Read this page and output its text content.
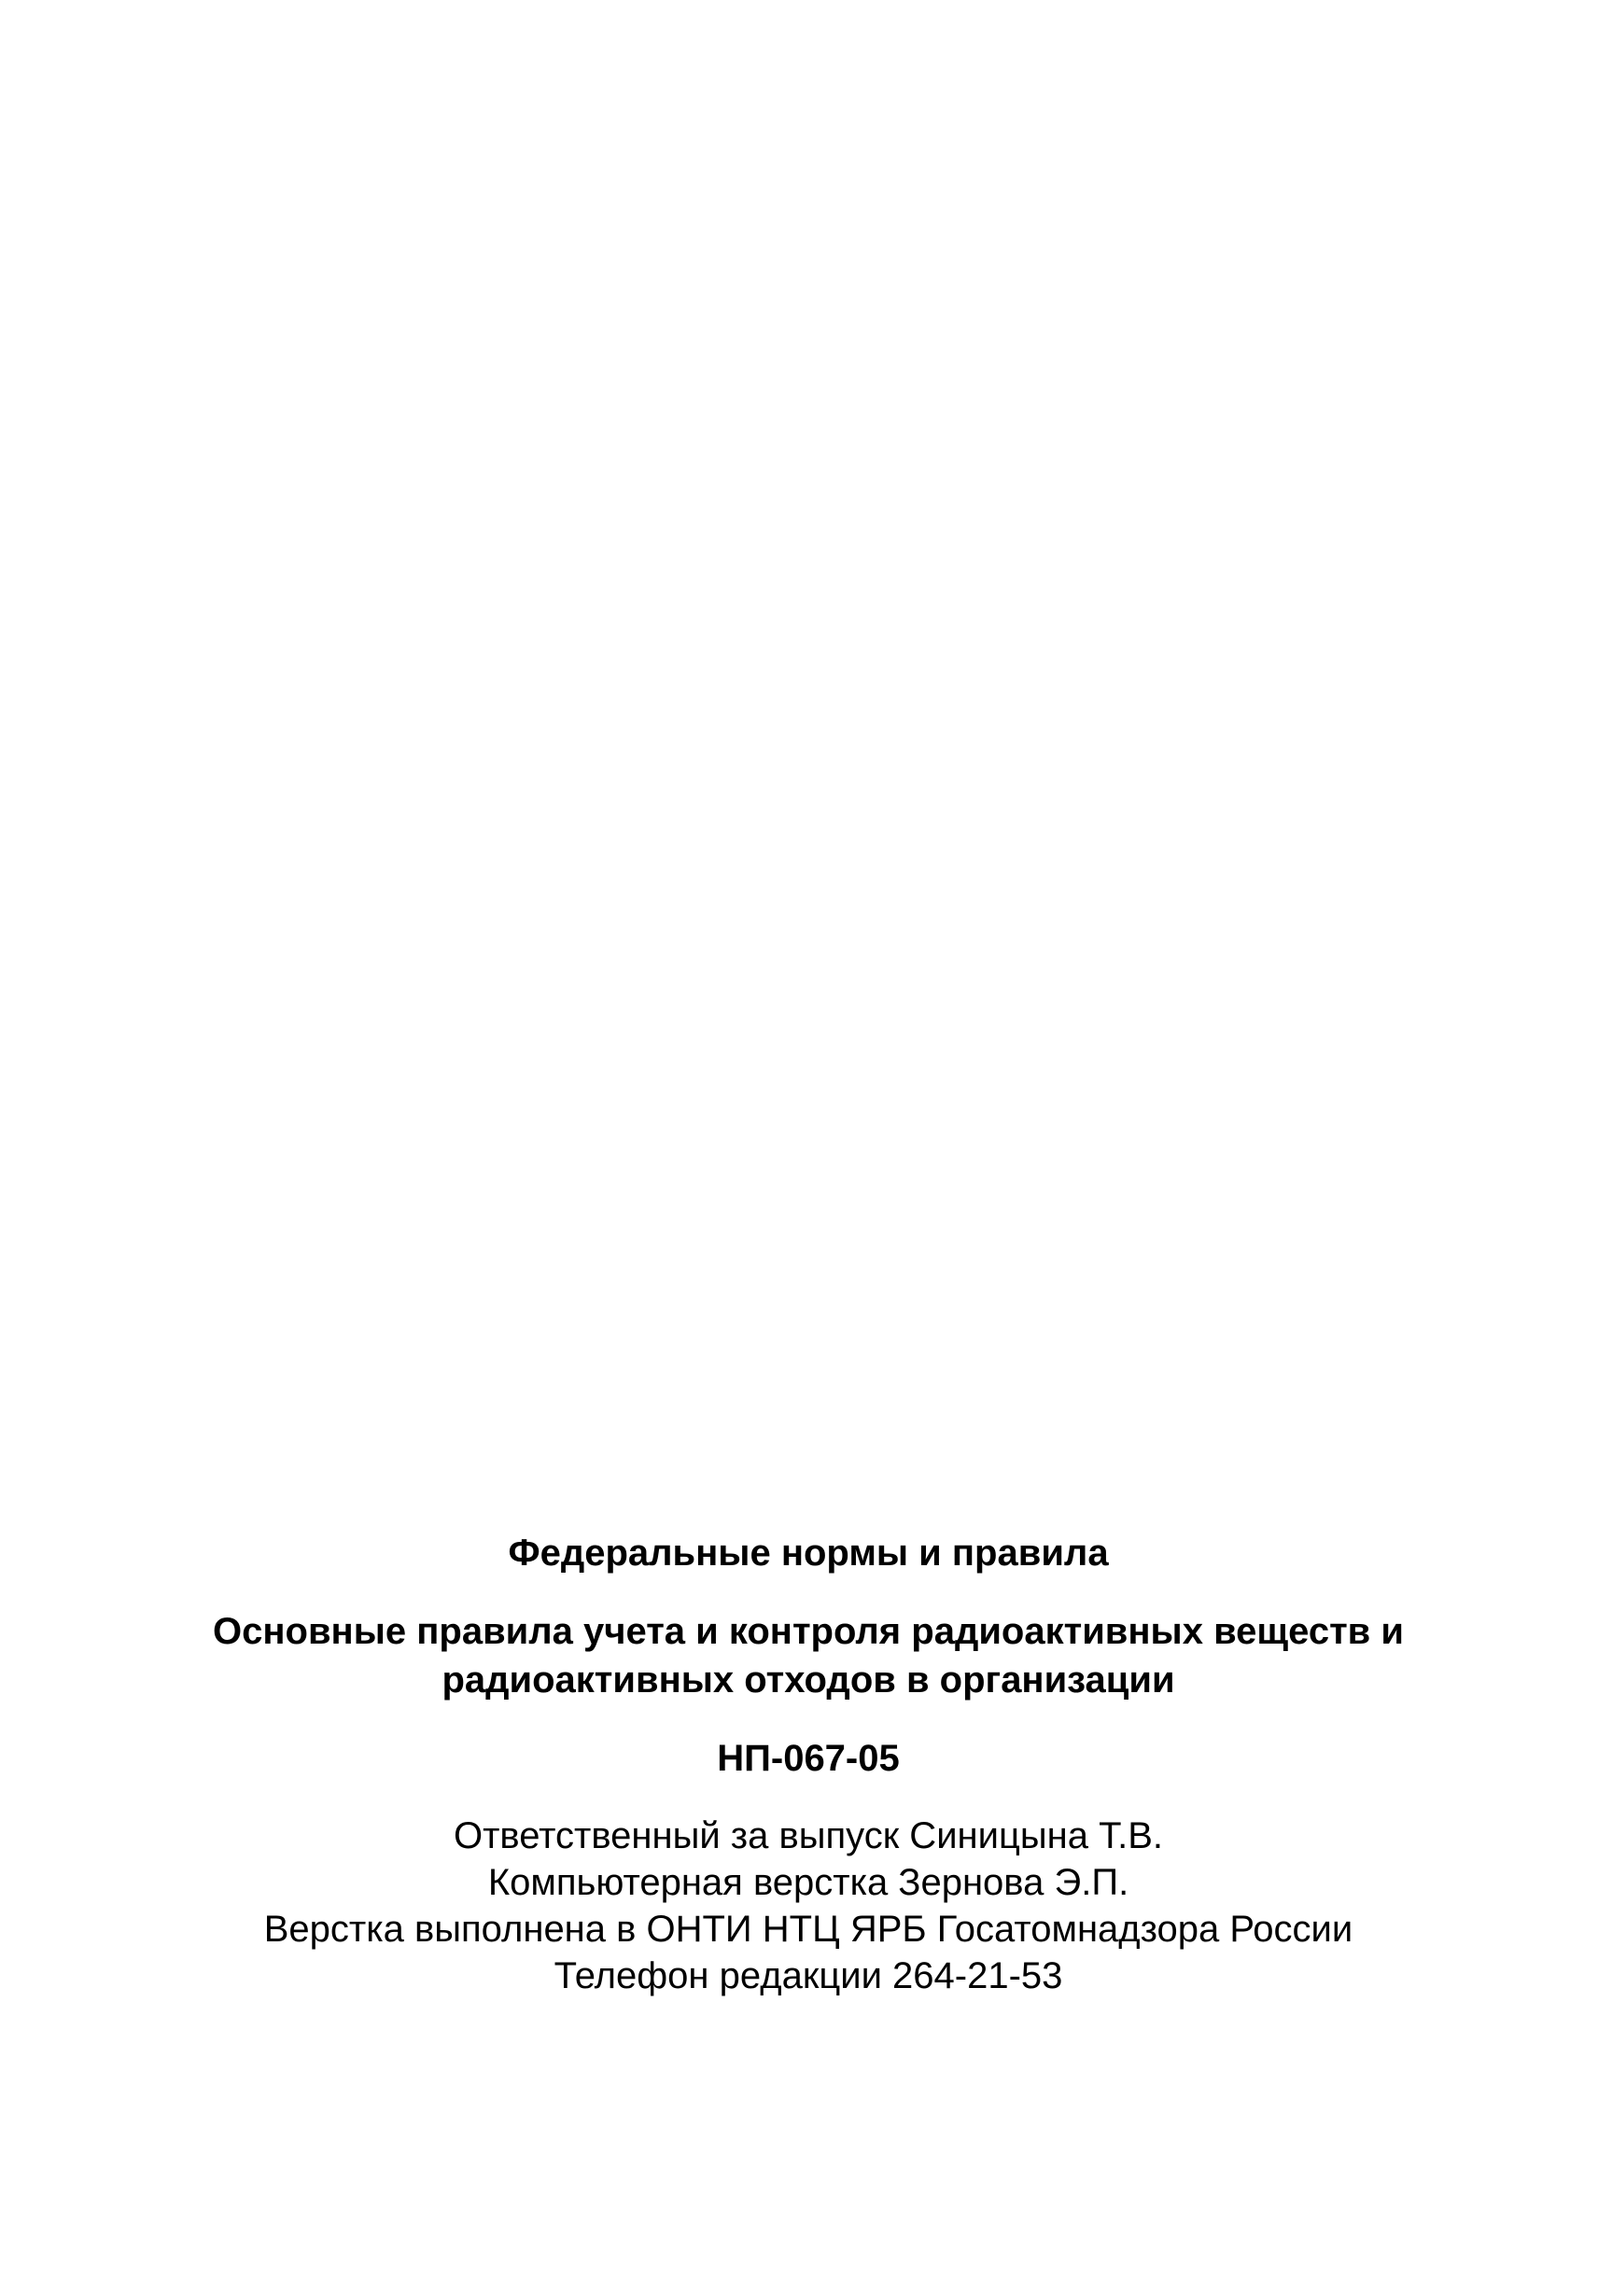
Федеральные нормы и правила
Основные правила учета и контроля радиоактивных веществ и
радиоактивных отходов в организации
НП-067-05
Ответственный за выпуск Синицына Т.В.
Компьютерная верстка Зернова Э.П.
Верстка выполнена в ОНТИ НТЦ ЯРБ Госатомнадзора России
Телефон редакции 264-21-53
